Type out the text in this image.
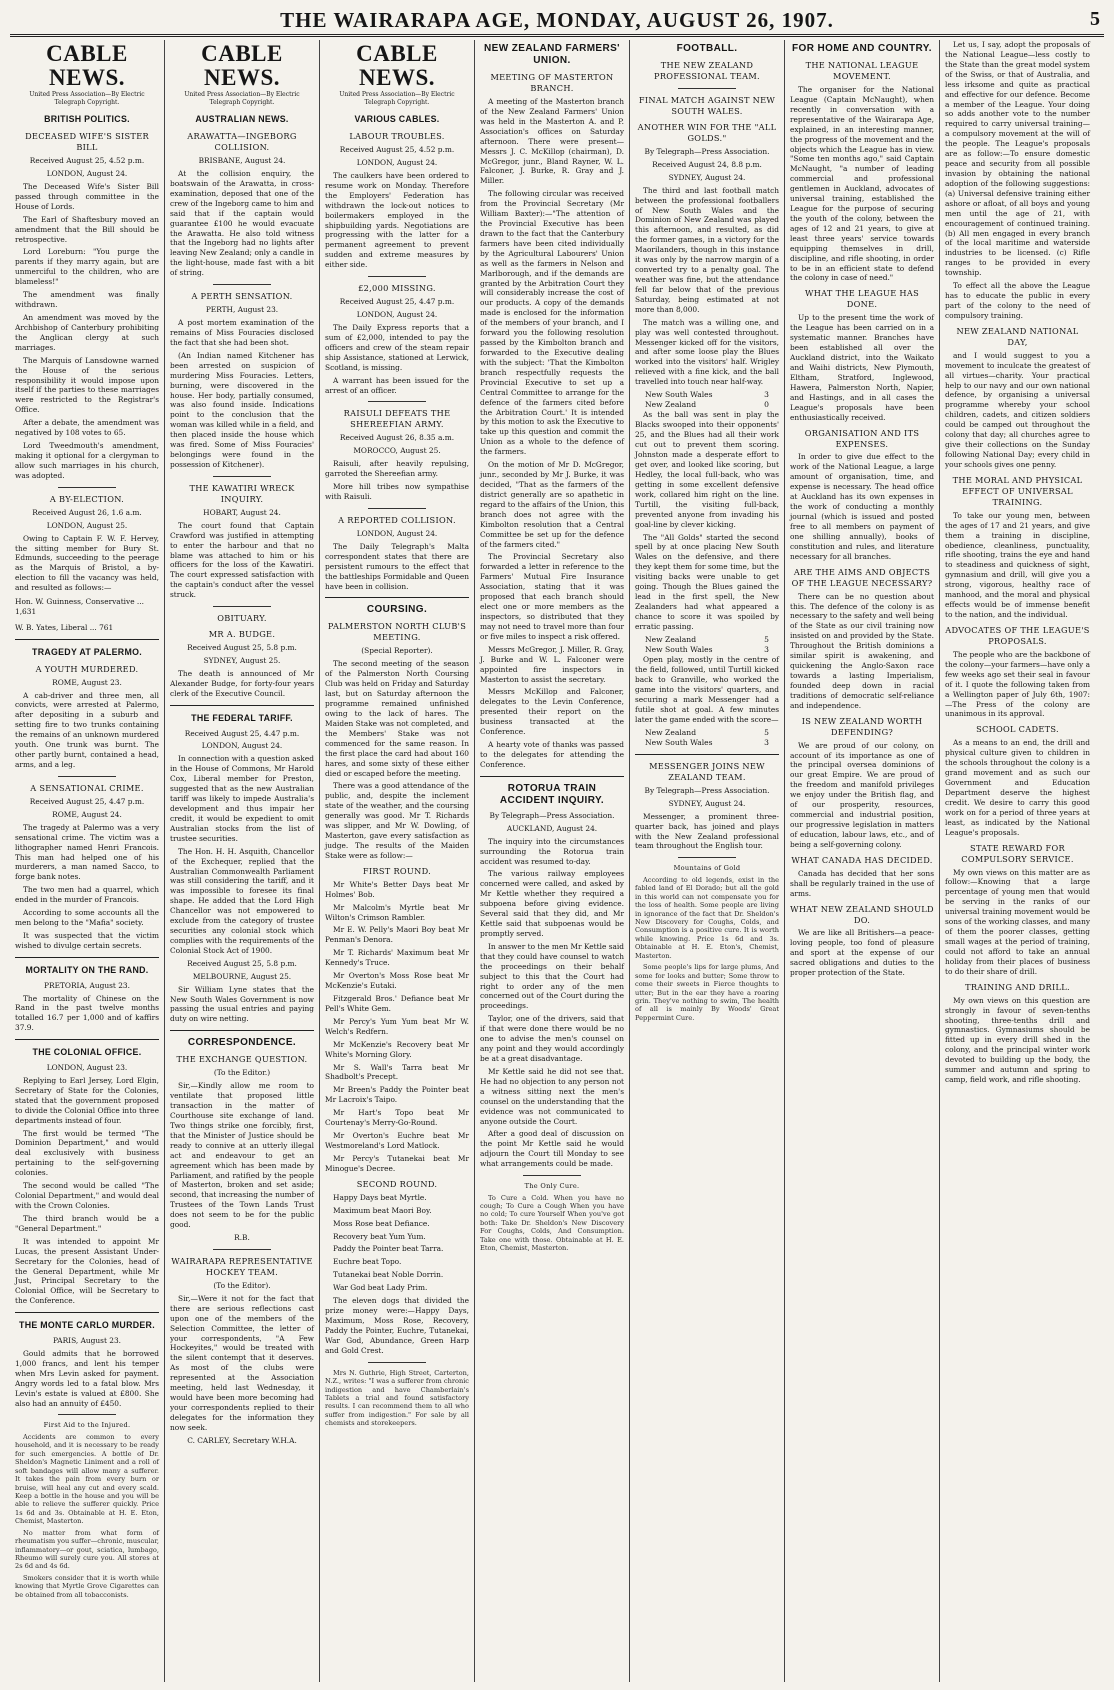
THE WAIRARAPA AGE, MONDAY, AUGUST 26, 1907.	5
CABLE NEWS.
United Press Association—By Electric Telegraph Copyright.
BRITISH POLITICS.
DECEASED WIFE'S SISTER BILL
Received August 25, 4.52 p.m.
LONDON, August 24.

The Deceased Wife's Sister Bill passed through committee in the House of Lords.

The Earl of Shaftesbury moved an amendment that the Bill should be retrospective.

Lord Loreburn: "You purge the parents if they marry again, but are unmerciful to the children, who are blameless!"

The amendment was finally withdrawn.

An amendment was moved by the Archbishop of Canterbury prohibiting the Anglican clergy at such marriages.

The Marquis of Lansdowne warned the House of the serious responsibility it would impose upon itself if the parties to these marriages were restricted to the Registrar's Office.

After a debate, the amendment was negatived by 108 votes to 65.

Lord Tweedmouth's amendment, making it optional for a clergyman to allow such marriages in his church, was adopted.

A BY-ELECTION.
Received August 26, 1.6 a.m.
LONDON, August 25.

Owing to Captain F. W. F. Hervey, the sitting member for Bury St. Edmunds, succeeding to the peerage as the Marquis of Bristol, a by-election to fill the vacancy was held, and resulted as follows:—

Hon. W. Guinness, Conservative ... 1,631
W. B. Yates, Liberal ... 761
TRAGEDY AT PALERMO.
A YOUTH MURDERED.
ROME, August 23.

A cab-driver and three men, all convicts, were arrested at Palermo, after depositing in a suburb and setting fire to two trunks containing the remains of an unknown murdered youth. One trunk was burnt. The other partly burnt, contained a head, arms, and a leg.

A SENSATIONAL CRIME.
Received August 25, 4.47 p.m.
ROME, August 24.

The tragedy at Palermo was a very sensational crime. The victim was a lithographer named Henri Francois. This man had helped one of his murderers, a man named Sacco, to forge bank notes.

The two men had a quarrel, which ended in the murder of Francois.

According to some accounts all the men belong to the "Mafia" society.

It was suspected that the victim wished to divulge certain secrets.

MORTALITY ON THE RAND.
PRETORIA, August 23.

The mortality of Chinese on the Rand in the past twelve months totalled 16.7 per 1,000 and of kaffirs 37.9.

THE COLONIAL OFFICE.
LONDON, August 23.

Replying to Earl Jersey, Lord Elgin, Secretary of State for the Colonies, stated that the government proposed to divide the Colonial Office into three departments instead of four.

The first would be termed "The Dominion Department," and would deal exclusively with business pertaining to the self-governing colonies.

The second would be called "The Colonial Department," and would deal with the Crown Colonies.

The third branch would be a "General Department."

It was intended to appoint Mr Lucas, the present Assistant Under-Secretary for the Colonies, head of the General Department, while Mr Just, Principal Secretary to the Colonial Office, will be Secretary to the Conference.

THE MONTE CARLO MURDER.
PARIS, August 23.

Gould admits that he borrowed 1,000 francs, and lent his temper when Mrs Levin asked for payment. Angry words led to a fatal blow. Mrs Levin's estate is valued at £800. She also had an annuity of £450.

First Aid to the Injured.

Accidents are common to every household, and it is necessary to be ready for such emergencies. A bottle of Dr. Sheldon's Magnetic Liniment and a roll of soft bandages will allow many a sufferer. It takes the pain from every burn or bruise, will heal any cut and every scald. Keep a bottle in the house and you will be able to relieve the sufferer quickly. Price 1s 6d and 3s. Obtainable at H. E. Eton, Chemist, Masterton.

No matter from what form of rheumatism you suffer—chronic, muscular, inflammatory—or gout, sciatica, lumbago, Rheumo will surely cure you. All stores at 2s 6d and 4s 6d.

Smokers consider that it is worth while knowing that Myrtle Grove Cigarettes can be obtained from all tobacconists.

CABLE NEWS.
United Press Association—By Electric Telegraph Copyright.
AUSTRALIAN NEWS.
ARAWATTA—INGEBORG COLLISION.
BRISBANE, August 24.

At the collision enquiry, the boatswain of the Arawatta, in cross-examination, deposed that one of the crew of the Ingeborg came to him and said that if the captain would guarantee £100 he would evacuate the Arawatta. He also told witness that the Ingeborg had no lights after leaving New Zealand; only a candle in the light-house, made fast with a bit of string.

A PERTH SENSATION.
PERTH, August 23.

A post mortem examination of the remains of Miss Fouracies disclosed the fact that she had been shot.

(An Indian named Kitchener has been arrested on suspicion of murdering Miss Fouracies. Letters, burning, were discovered in the house. Her body, partially consumed, was also found inside. Indications point to the conclusion that the woman was killed while in a field, and then placed inside the house which was fired. Some of Miss Fouracies' belongings were found in the possession of Kitchener).

THE KAWATIRI WRECK INQUIRY.
HOBART, August 24.

The court found that Captain Crawford was justified in attempting to enter the harbour and that no blame was attached to him or his officers for the loss of the Kawatiri. The court expressed satisfaction with the captain's conduct after the vessel struck.

OBITUARY.
MR A. BUDGE.
Received August 25, 5.8 p.m.
SYDNEY, August 25.

The death is announced of Mr Alexander Budge, for forty-four years clerk of the Executive Council.

THE FEDERAL TARIFF.
Received August 25, 4.47 p.m.
LONDON, August 24.

In connection with a question asked in the House of Commons, Mr Harold Cox, Liberal member for Preston, suggested that as the new Australian tariff was likely to impede Australia's development and thus impair her credit, it would be expedient to omit Australian stocks from the list of trustee securities.

The Hon. H. H. Asquith, Chancellor of the Exchequer, replied that the Australian Commonwealth Parliament was still considering the tariff, and it was impossible to foresee its final shape. He added that the Lord High Chancellor was not empowered to exclude from the category of trustee securities any colonial stock which complies with the requirements of the Colonial Stock Act of 1900.

Received August 25, 5.8 p.m.
MELBOURNE, August 25.

Sir William Lyne states that the New South Wales Government is now passing the usual entries and paying duty on wire netting.

CORRESPONDENCE.
THE EXCHANGE QUESTION.
(To the Editor.)

Sir,—Kindly allow me room to ventilate that proposed little transaction in the matter of Courthouse site exchange of land. Two things strike one forcibly, first, that the Minister of Justice should be ready to connive at an utterly illegal act and endeavour to get an agreement which has been made by Parliament, and ratified by the people of Masterton, broken and set aside; second, that increasing the number of Trustees of the Town Lands Trust does not seem to be for the public good.

R.B.
WAIRARAPA REPRESENTATIVE HOCKEY TEAM.
(To the Editor).

Sir,—Were it not for the fact that there are serious reflections cast upon one of the members of the Selection Committee, the letter of your correspondents, "A Few Hockeyites," would be treated with the silent contempt that it deserves. As most of the clubs were represented at the Association meeting, held last Wednesday, it would have been more becoming had your correspondents replied to their delegates for the information they now seek.

C. CARLEY, Secretary W.H.A.
CABLE NEWS.
United Press Association—By Electric Telegraph Copyright.
VARIOUS CABLES.
LABOUR TROUBLES.
Received August 25, 4.52 p.m.
LONDON, August 24.

The caulkers have been ordered to resume work on Monday. Therefore the Employers' Federation has withdrawn the lock-out notices to boilermakers employed in the shipbuilding yards. Negotiations are progressing with the latter for a permanent agreement to prevent sudden and extreme measures by either side.

£2,000 MISSING.
Received August 25, 4.47 p.m.
LONDON, August 24.

The Daily Express reports that a sum of £2,000, intended to pay the officers and crew of the steam repair ship Assistance, stationed at Lerwick, Scotland, is missing.

A warrant has been issued for the arrest of an officer.

RAISULI DEFEATS THE SHEREEFIAN ARMY.
Received August 26, 8.35 a.m.
MOROCCO, August 25.

Raisuli, after heavily repulsing, garroted the Shereefian army.

More hill tribes now sympathise with Raisuli.

A REPORTED COLLISION.
LONDON, August 24.

The Daily Telegraph's Malta correspondent states that there are persistent rumours to the effect that the battleships Formidable and Queen have been in collision.

COURSING.
PALMERSTON NORTH CLUB'S MEETING.
(Special Reporter).

The second meeting of the season of the Palmerston North Coursing Club was held on Friday and Saturday last, but on Saturday afternoon the programme remained unfinished owing to the lack of hares. The Maiden Stake was not completed, and the Members' Stake was not commenced for the same reason. In the first place the card had about 160 hares, and some sixty of these either died or escaped before the meeting.

There was a good attendance of the public, and, despite the inclement state of the weather, and the coursing generally was good. Mr T. Richards was slipper, and Mr W. Dowling, of Masterton, gave every satisfaction as judge. The results of the Maiden Stake were as follow:—

FIRST ROUND.

Mr White's Better Days beat Mr Holmes' Bob.

Mr Malcolm's Myrtle beat Mr Wilton's Crimson Rambler.

Mr E. W. Pelly's Maori Boy beat Mr Penman's Denora.

Mr T. Richards' Maximum beat Mr Kennedy's Truce.

Mr Overton's Moss Rose beat Mr McKenzie's Eutaki.

Fitzgerald Bros.' Defiance beat Mr Pell's White Gem.

Mr Percy's Yum Yum beat Mr W. Welch's Redfern.

Mr McKenzie's Recovery beat Mr White's Morning Glory.

Mr S. Wall's Tarra beat Mr Shadbolt's Precept.

Mr Breen's Paddy the Pointer beat Mr Lacroix's Taipo.

Mr Hart's Topo beat Mr Courtenay's Merry-Go-Round.

Mr Overton's Euchre beat Mr Westmoreland's Lord Matlock.

Mr Percy's Tutanekai beat Mr Minogue's Decree.

SECOND ROUND.

Happy Days beat Myrtle.

Maximum beat Maori Boy.

Moss Rose beat Defiance.

Recovery beat Yum Yum.

Paddy the Pointer beat Tarra.

Euchre beat Topo.

Tutanekai beat Noble Dorrin.

War God beat Lady Prim.

The eleven dogs that divided the prize money were:—Happy Days, Maximum, Moss Rose, Recovery, Paddy the Pointer, Euchre, Tutanekai, War God, Abundance, Green Harp and Gold Crest.

Mrs N. Guthrie, High Street, Carterton, N.Z., writes: "I was a sufferer from chronic indigestion and have Chamberlain's Tablets a trial and found satisfactory results. I can recommend them to all who suffer from indigestion." For sale by all chemists and storekeepers.

NEW ZEALAND FARMERS' UNION.
MEETING OF MASTERTON BRANCH.

A meeting of the Masterton branch of the New Zealand Farmers' Union was held in the Masterton A. and P. Association's offices on Saturday afternoon. There were present—Messrs J. C. McKillop (chairman), D. McGregor, junr., Bland Rayner, W. L. Falconer, J. Burke, R. Gray and J. Miller.

The following circular was received from the Provincial Secretary (Mr William Baxter):—"The attention of the Provincial Executive has been drawn to the fact that the Canterbury farmers have been cited individually by the Agricultural Labourers' Union as well as the farmers in Nelson and Marlborough, and if the demands are granted by the Arbitration Court they will considerably increase the cost of our products. A copy of the demands made is enclosed for the information of the members of your branch, and I forward you the following resolution passed by the Kimbolton branch and forwarded to the Executive dealing with the subject: 'That the Kimbolton branch respectfully requests the Provincial Executive to set up a Central Committee to arrange for the defence of the farmers cited before the Arbitration Court.' It is intended by this motion to ask the Executive to take up this question and commit the Union as a whole to the defence of the farmers.

On the motion of Mr D. McGregor, junr., seconded by Mr J. Burke, it was decided, "That as the farmers of the district generally are so apathetic in regard to the affairs of the Union, this branch does not agree with the Kimbolton resolution that a Central Committee be set up for the defence of the farmers cited."

The Provincial Secretary also forwarded a letter in reference to the Farmers' Mutual Fire Insurance Association, stating that it was proposed that each branch should elect one or more members as the inspectors, so distributed that they may not need to travel more than four or five miles to inspect a risk offered.

Messrs McGregor, J. Miller, R. Gray, J. Burke and W. L. Falconer were appointed fire inspectors in Masterton to assist the secretary.

Messrs McKillop and Falconer, delegates to the Levin Conference, presented their report on the business transacted at the Conference.

A hearty vote of thanks was passed to the delegates for attending the Conference.

ROTORUA TRAIN ACCIDENT INQUIRY.
By Telegraph—Press Association.
AUCKLAND, August 24.

The inquiry into the circumstances surrounding the Rotorua train accident was resumed to-day.

The various railway employees concerned were called, and asked by Mr Kettle whether they required a subpoena before giving evidence. Several said that they did, and Mr Kettle said that subpoenas would be promptly served.

In answer to the men Mr Kettle said that they could have counsel to watch the proceedings on their behalf subject to this that the Court had right to order any of the men concerned out of the Court during the proceedings.

Taylor, one of the drivers, said that if that were done there would be no one to advise the men's counsel on any point and they would accordingly be at a great disadvantage.

Mr Kettle said he did not see that. He had no objection to any person not a witness sitting next the men's counsel on the understanding that the evidence was not communicated to anyone outside the Court.

After a good deal of discussion on the point Mr Kettle said he would adjourn the Court till Monday to see what arrangements could be made.

The Only Cure.

To Cure a Cold. When you have no cough; To Cure a Cough When you have no cold; To cure Yourself When you've got both: Take Dr. Sheldon's New Discovery For Coughs, Colds, And Consumption. Take one with those. Obtainable at H. E. Eton, Chemist, Masterton.

FOOTBALL.
THE NEW ZEALAND PROFESSIONAL TEAM.
FINAL MATCH AGAINST NEW SOUTH WALES.
ANOTHER WIN FOR THE "ALL GOLDS."
By Telegraph—Press Association.
Received August 24, 8.8 p.m.
SYDNEY, August 24.

The third and last football match between the professional footballers of New South Wales and the Dominion of New Zealand was played this afternoon, and resulted, as did the former games, in a victory for the Maorilanders, though in this instance it was only by the narrow margin of a converted try to a penalty goal. The weather was fine, but the attendance fell far below that of the previous Saturday, being estimated at not more than 8,000.

The match was a willing one, and play was well contested throughout. Messenger kicked off for the visitors, and after some loose play the Blues worked into the visitors' half. Wrigley relieved with a fine kick, and the ball travelled into touch near half-way.

New South Wales	3
New Zealand	0

As the ball was sent in play the Blacks swooped into their opponents' 25, and the Blues had all their work cut out to prevent them scoring. Johnston made a desperate effort to get over, and looked like scoring, but Hedley, the local full-back, who was getting in some excellent defensive work, collared him right on the line. Turtill, the visiting full-back, prevented anyone from invading his goal-line by clever kicking.

The "All Golds" started the second spell by at once placing New South Wales on the defensive, and there they kept them for some time, but the visiting backs were unable to get going. Though the Blues gained the lead in the first spell, the New Zealanders had what appeared a chance to score it was spoiled by erratic passing.

New Zealand	5
New South Wales	3

Open play, mostly in the centre of the field, followed, until Turtill kicked back to Granville, who worked the game into the visitors' quarters, and securing a mark Messenger had a futile shot at goal. A few minutes later the game ended with the score—

New Zealand	5
New South Wales	3
MESSENGER JOINS NEW ZEALAND TEAM.
By Telegraph—Press Association.
SYDNEY, August 24.

Messenger, a prominent three-quarter back, has joined and plays with the New Zealand professional team throughout the English tour.

Mountains of Gold

According to old legends, exist in the fabled land of El Dorado; but all the gold in this world can not compensate you for the loss of health. Some people are living in ignorance of the fact that Dr. Sheldon's New Discovery for Coughs, Colds, and Consumption is a positive cure. It is worth while knowing. Price 1s 6d and 3s. Obtainable at H. E. Eton's, Chemist, Masterton.

Some people's lips for large plums, And some for looks and butter; Some throw to come their sweets in Fierce thoughts to utter; But in the ear they have a roaring grin. They've nothing to swim, The health of all is mainly By Woods' Great Peppermint Cure.

FOR HOME AND COUNTRY.
THE NATIONAL LEAGUE MOVEMENT.

The organiser for the National League (Captain McNaught), when recently in conversation with a representative of the Wairarapa Age, explained, in an interesting manner, the progress of the movement and the objects which the League has in view. "Some ten months ago," said Captain McNaught, "a number of leading commercial and professional gentlemen in Auckland, advocates of universal training, established the League for the purpose of securing the youth of the colony, between the ages of 12 and 21 years, to give at least three years' service towards equipping themselves in drill, discipline, and rifle shooting, in order to be in an efficient state to defend the colony in case of need."

WHAT THE LEAGUE HAS DONE.

Up to the present time the work of the League has been carried on in a systematic manner. Branches have been established all over the Auckland district, into the Waikato and Waihi districts, New Plymouth, Eltham, Stratford, Inglewood, Hawera, Palmerston North, Napier, and Hastings, and in all cases the League's proposals have been enthusiastically received.

ORGANISATION AND ITS EXPENSES.

In order to give due effect to the work of the National League, a large amount of organisation, time, and expense is necessary. The head office at Auckland has its own expenses in the work of conducting a monthly journal (which is issued and posted free to all members on payment of one shilling annually), books of constitution and rules, and literature necessary for all branches.

ARE THE AIMS AND OBJECTS OF THE LEAGUE NECESSARY?

There can be no question about this. The defence of the colony is as necessary to the safety and well being of the State as our civil training now insisted on and provided by the State. Throughout the British dominions a similar spirit is awakening, and quickening the Anglo-Saxon race towards a lasting Imperialism, founded deep down in racial traditions of democratic self-reliance and independence.

IS NEW ZEALAND WORTH DEFENDING?

We are proud of our colony, on account of its importance as one of the principal oversea dominions of our great Empire. We are proud of the freedom and manifold privileges we enjoy under the British flag, and of our prosperity, resources, commercial and industrial position, our progressive legislation in matters of education, labour laws, etc., and of being a self-governing colony.

WHAT CANADA HAS DECIDED.

Canada has decided that her sons shall be regularly trained in the use of arms.

WHAT NEW ZEALAND SHOULD DO.

We are like all Britishers—a peace-loving people, too fond of pleasure and sport at the expense of our sacred obligations and duties to the proper protection of the State.

Let us, I say, adopt the proposals of the National League—less costly to the State than the great model system of the Swiss, or that of Australia, and less irksome and quite as practical and effective for our defence. Become a member of the League. Your doing so adds another vote to the number required to carry universal training—a compulsory movement at the will of the people. The League's proposals are as follow:—To ensure domestic peace and security from all possible invasion by obtaining the national adoption of the following suggestions: (a) Universal defensive training either ashore or afloat, of all boys and young men until the age of 21, with encouragement of continued training. (b) All men engaged in every branch of the local maritime and waterside industries to be licensed. (c) Rifle ranges to be provided in every township.

To effect all the above the League has to educate the public in every part of the colony to the need of compulsory training.

NEW ZEALAND NATIONAL DAY,

and I would suggest to you a movement to inculcate the greatest of all virtues—charity. Your practical help to our navy and our own national defence, by organising a universal programme whereby your school children, cadets, and citizen soldiers could be camped out throughout the colony that day; all churches agree to give their collections on the Sunday following National Day; every child in your schools gives one penny.

THE MORAL AND PHYSICAL EFFECT OF UNIVERSAL TRAINING.

To take our young men, between the ages of 17 and 21 years, and give them a training in discipline, obedience, cleanliness, punctuality, rifle shooting, trains the eye and hand to steadiness and quickness of sight, gymnasium and drill, will give you a strong, vigorous, healthy race of manhood, and the moral and physical effects would be of immense benefit to the nation, and the individual.

ADVOCATES OF THE LEAGUE'S PROPOSALS.

The people who are the backbone of the colony—your farmers—have only a few weeks ago set their seal in favour of it. I quote the following taken from a Wellington paper of July 6th, 1907:—The Press of the colony are unanimous in its approval.

SCHOOL CADETS.

As a means to an end, the drill and physical culture given to children in the schools throughout the colony is a grand movement and as such our Government and Education Department deserve the highest credit. We desire to carry this good work on for a period of three years at least, as indicated by the National League's proposals.

STATE REWARD FOR COMPULSORY SERVICE.

My own views on this matter are as follow:—Knowing that a large percentage of young men that would be serving in the ranks of our universal training movement would be sons of the working classes, and many of them the poorer classes, getting small wages at the period of training, could not afford to take an annual holiday from their places of business to do their share of drill.

TRAINING AND DRILL.

My own views on this question are strongly in favour of seven-tenths shooting, three-tenths drill and gymnastics. Gymnasiums should be fitted up in every drill shed in the colony, and the principal winter work devoted to building up the body, the summer and autumn and spring to camp, field work, and rifle shooting.
